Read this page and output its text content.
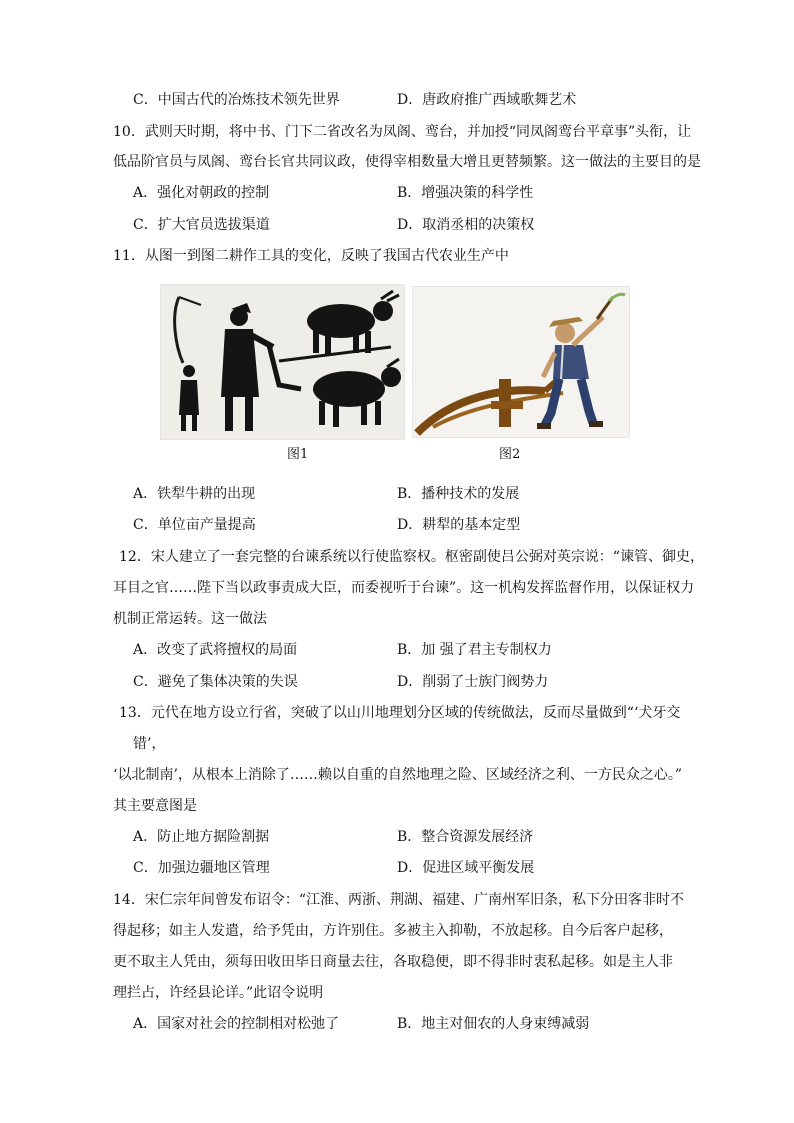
C．中国古代的冶炼技术领先世界	D．唐政府推广西域歌舞艺术
10．武则天时期，将中书、门下二省改名为凤阁、鸾台，并加授“同凤阁鸾台平章事”头衔，让
低品阶官员与凤阁、鸾台长官共同议政，使得宰相数量大增且更替频繁。这一做法的主要目的是
A．强化对朝政的控制	B．增强决策的科学性
C．扩大官员选拔渠道	D．取消丞相的决策权
11．从图一到图二耕作工具的变化，反映了我国古代农业生产中
图1	图2
A．铁犁牛耕的出现	B．播种技术的发展
C．单位亩产量提高	D．耕犁的基本定型
12．宋人建立了一套完整的台谏系统以行使监察权。枢密副使吕公弼对英宗说：“谏管、御史，
耳目之官……陛下当以政事责成大臣，而委视听于台谏”。这一机构发挥监督作用，以保证权力
机制正常运转。这一做法
A．改变了武将擅权的局面	B．加 强了君主专制权力
C．避免了集体决策的失误	D．削弱了士族门阀势力
13．元代在地方设立行省，突破了以山川地理划分区域的传统做法，反而尽量做到“‘犬牙交
错’，
‘以北制南’，从根本上消除了……赖以自重的自然地理之险、区域经济之利、一方民众之心。”
其主要意图是
A．防止地方据险割据	B．整合资源发展经济
C．加强边疆地区管理	D．促进区域平衡发展
14．宋仁宗年间曾发布诏令：“江淮、两浙、荆湖、福建、广南州军旧条，私下分田客非时不
得起移；如主人发遣，给予凭由，方许别住。多被主入抑勒，不放起移。自今后客户起移，
更不取主人凭由，须每田收田毕日商量去往，各取稳便，即不得非时衷私起移。如是主人非
理拦占，许经县论详。”此诏令说明
A．国家对社会的控制相对松弛了	B．地主对佃农的人身束缚减弱
